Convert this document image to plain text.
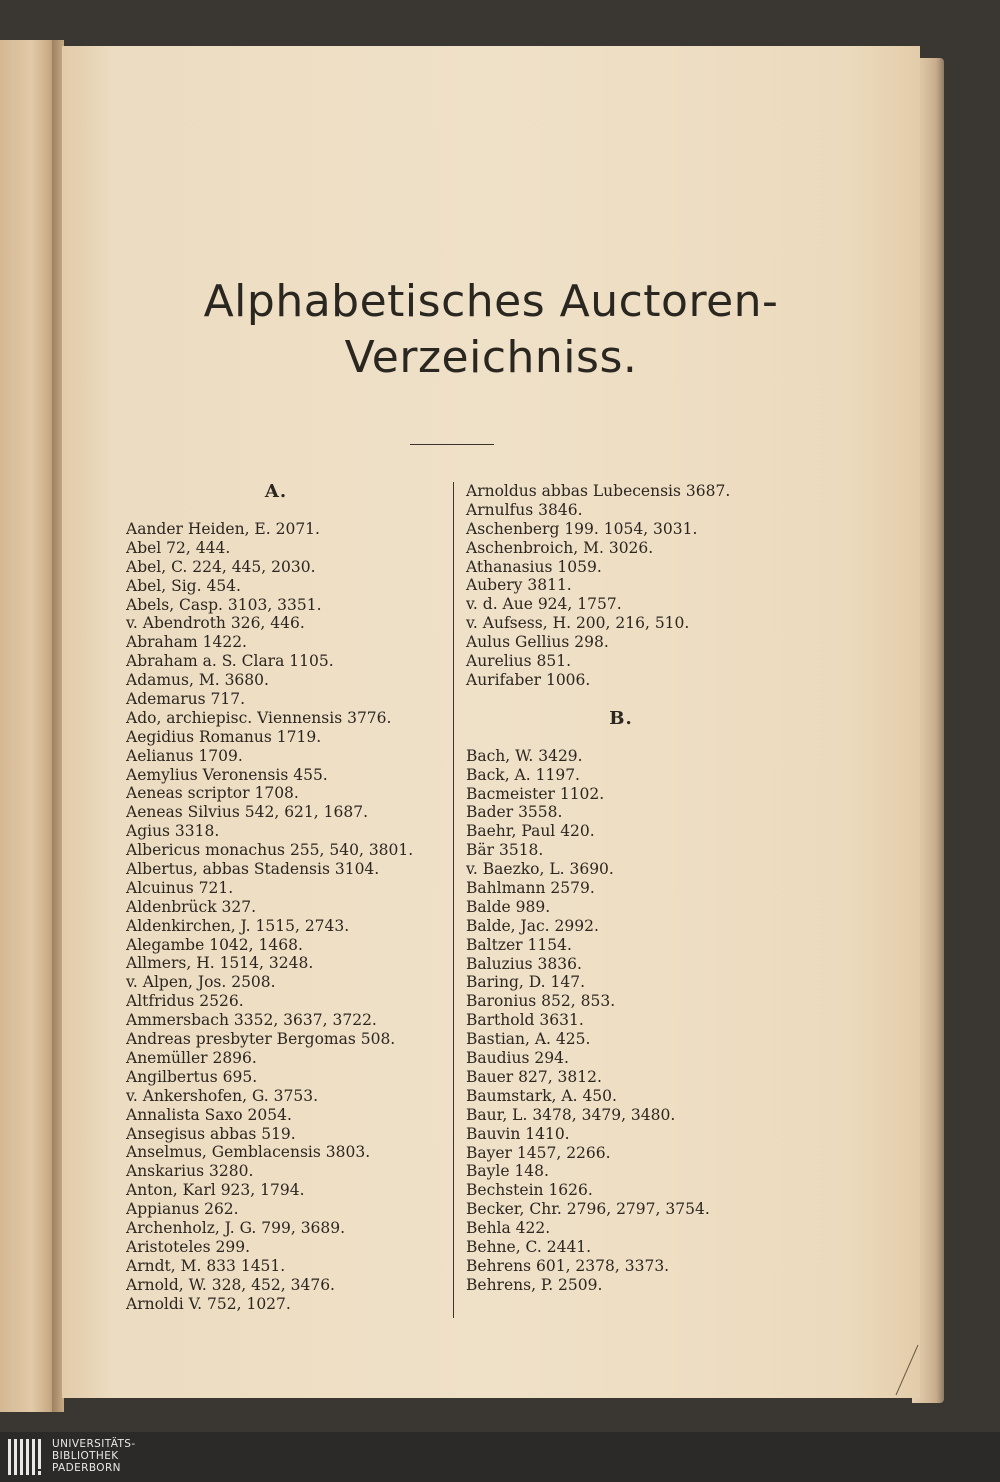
Alphabetisches Auctoren-
Verzeichniss.
A.
Aander Heiden, E. 2071.
Abel 72, 444.
Abel, C. 224, 445, 2030.
Abel, Sig. 454.
Abels, Casp. 3103, 3351.
v. Abendroth 326, 446.
Abraham 1422.
Abraham a. S. Clara 1105.
Adamus, M. 3680.
Ademarus 717.
Ado, archiepisc. Viennensis 3776.
Aegidius Romanus 1719.
Aelianus 1709.
Aemylius Veronensis 455.
Aeneas scriptor 1708.
Aeneas Silvius 542, 621, 1687.
Agius 3318.
Albericus monachus 255, 540, 3801.
Albertus, abbas Stadensis 3104.
Alcuinus 721.
Aldenbrück 327.
Aldenkirchen, J. 1515, 2743.
Alegambe 1042, 1468.
Allmers, H. 1514, 3248.
v. Alpen, Jos. 2508.
Altfridus 2526.
Ammersbach 3352, 3637, 3722.
Andreas presbyter Bergomas 508.
Anemüller 2896.
Angilbertus 695.
v. Ankershofen, G. 3753.
Annalista Saxo 2054.
Ansegisus abbas 519.
Anselmus, Gemblacensis 3803.
Anskarius 3280.
Anton, Karl 923, 1794.
Appianus 262.
Archenholz, J. G. 799, 3689.
Aristoteles 299.
Arndt, M. 833 1451.
Arnold, W. 328, 452, 3476.
Arnoldi V. 752, 1027.
Arnoldus abbas Lubecensis 3687.
Arnulfus 3846.
Aschenberg 199. 1054, 3031.
Aschenbroich, M. 3026.
Athanasius 1059.
Aubery 3811.
v. d. Aue 924, 1757.
v. Aufsess, H. 200, 216, 510.
Aulus Gellius 298.
Aurelius 851.
Aurifaber 1006.
B.
Bach, W. 3429.
Back, A. 1197.
Bacmeister 1102.
Bader 3558.
Baehr, Paul 420.
Bär 3518.
v. Baezko, L. 3690.
Bahlmann 2579.
Balde 989.
Balde, Jac. 2992.
Baltzer 1154.
Baluzius 3836.
Baring, D. 147.
Baronius 852, 853.
Barthold 3631.
Bastian, A. 425.
Baudius 294.
Bauer 827, 3812.
Baumstark, A. 450.
Baur, L. 3478, 3479, 3480.
Bauvin 1410.
Bayer 1457, 2266.
Bayle 148.
Bechstein 1626.
Becker, Chr. 2796, 2797, 3754.
Behla 422.
Behne, C. 2441.
Behrens 601, 2378, 3373.
Behrens, P. 2509.
UNIVERSITÄTS-
BIBLIOTHEK
PADERBORN
